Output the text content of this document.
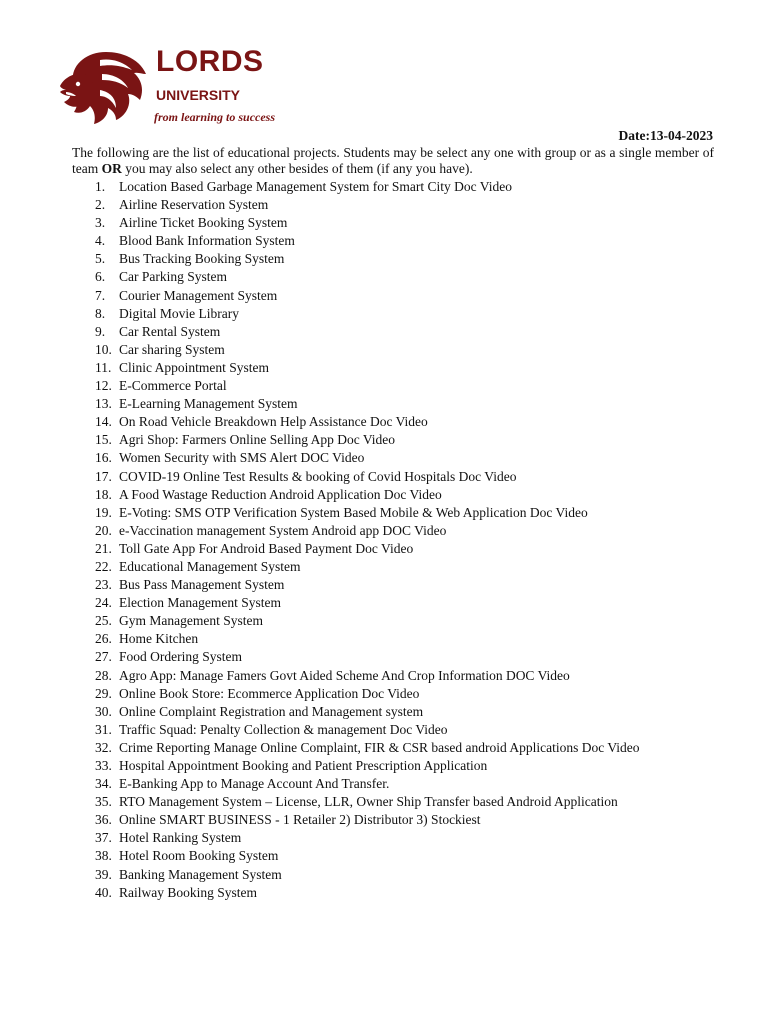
LORDS
UNIVERSITY
from learning to success
Date:13-04-2023

The following are the list of educational projects. Students may be select any one with group or as a single member of team OR you may also select any other besides of them (if any you have).

1. Location Based Garbage Management System for Smart City Doc Video
2. Airline Reservation System
3. Airline Ticket Booking System
4. Blood Bank Information System
5. Bus Tracking Booking System
6. Car Parking System
7. Courier Management System
8. Digital Movie Library
9. Car Rental System
10. Car sharing System
11. Clinic Appointment System
12. E-Commerce Portal
13. E-Learning Management System
14. On Road Vehicle Breakdown Help Assistance Doc Video
15. Agri Shop: Farmers Online Selling App Doc Video
16. Women Security with SMS Alert DOC Video
17. COVID-19 Online Test Results & booking of Covid Hospitals Doc Video
18. A Food Wastage Reduction Android Application Doc Video
19. E-Voting: SMS OTP Verification System Based Mobile & Web Application Doc Video
20. e-Vaccination management System Android app DOC Video
21. Toll Gate App For Android Based Payment Doc Video
22. Educational Management System
23. Bus Pass Management System
24. Election Management System
25. Gym Management System
26. Home Kitchen
27. Food Ordering System
28. Agro App: Manage Famers Govt Aided Scheme And Crop Information DOC Video
29. Online Book Store: Ecommerce Application Doc Video
30. Online Complaint Registration and Management system
31. Traffic Squad: Penalty Collection & management Doc Video
32. Crime Reporting Manage Online Complaint, FIR & CSR based android Applications Doc Video
33. Hospital Appointment Booking and Patient Prescription Application
34. E-Banking App to Manage Account And Transfer.
35. RTO Management System – License, LLR, Owner Ship Transfer based Android Application
36. Online SMART BUSINESS - 1 Retailer 2) Distributor 3) Stockiest
37. Hotel Ranking System
38. Hotel Room Booking System
39. Banking Management System
40. Railway Booking System
